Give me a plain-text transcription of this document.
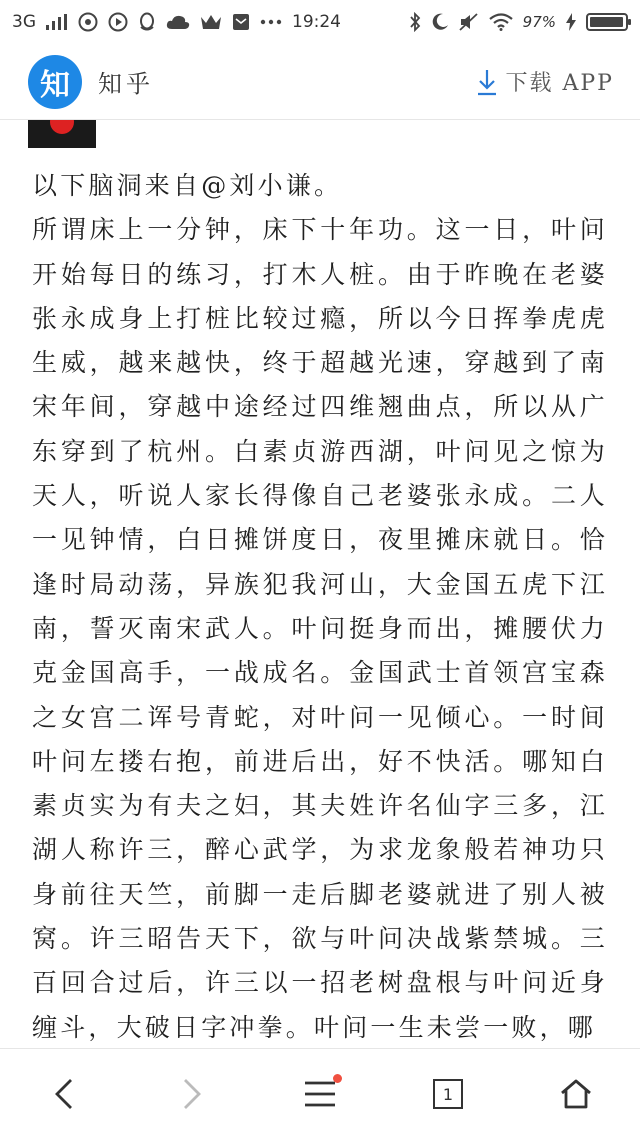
3G	19:24	97%
知	知乎	下载 APP

以下脑洞来自@刘小谦。

所谓床上一分钟，床下十年功。这一日，叶问开始每日的练习，打木人桩。由于昨晚在老婆张永成身上打桩比较过瘾，所以今日挥拳虎虎生威，越来越快，终于超越光速，穿越到了南宋年间，穿越中途经过四维翘曲点，所以从广东穿到了杭州。白素贞游西湖，叶问见之惊为天人，听说人家长得像自己老婆张永成。二人一见钟情，白日摊饼度日，夜里摊床就日。恰逢时局动荡，异族犯我河山，大金国五虎下江南，誓灭南宋武人。叶问挺身而出，摊腰伏力克金国高手，一战成名。金国武士首领宫宝森之女宫二诨号青蛇，对叶问一见倾心。一时间叶问左搂右抱，前进后出，好不快活。哪知白素贞实为有夫之妇，其夫姓许名仙字三多，江湖人称许三，醉心武学，为求龙象般若神功只身前往天竺，前脚一走后脚老婆就进了别人被窝。许三昭告天下，欲与叶问决战紫禁城。三百回合过后，许三以一招老树盘根与叶问近身缠斗，大破日字冲拳。叶问一生未尝一败，哪

1
